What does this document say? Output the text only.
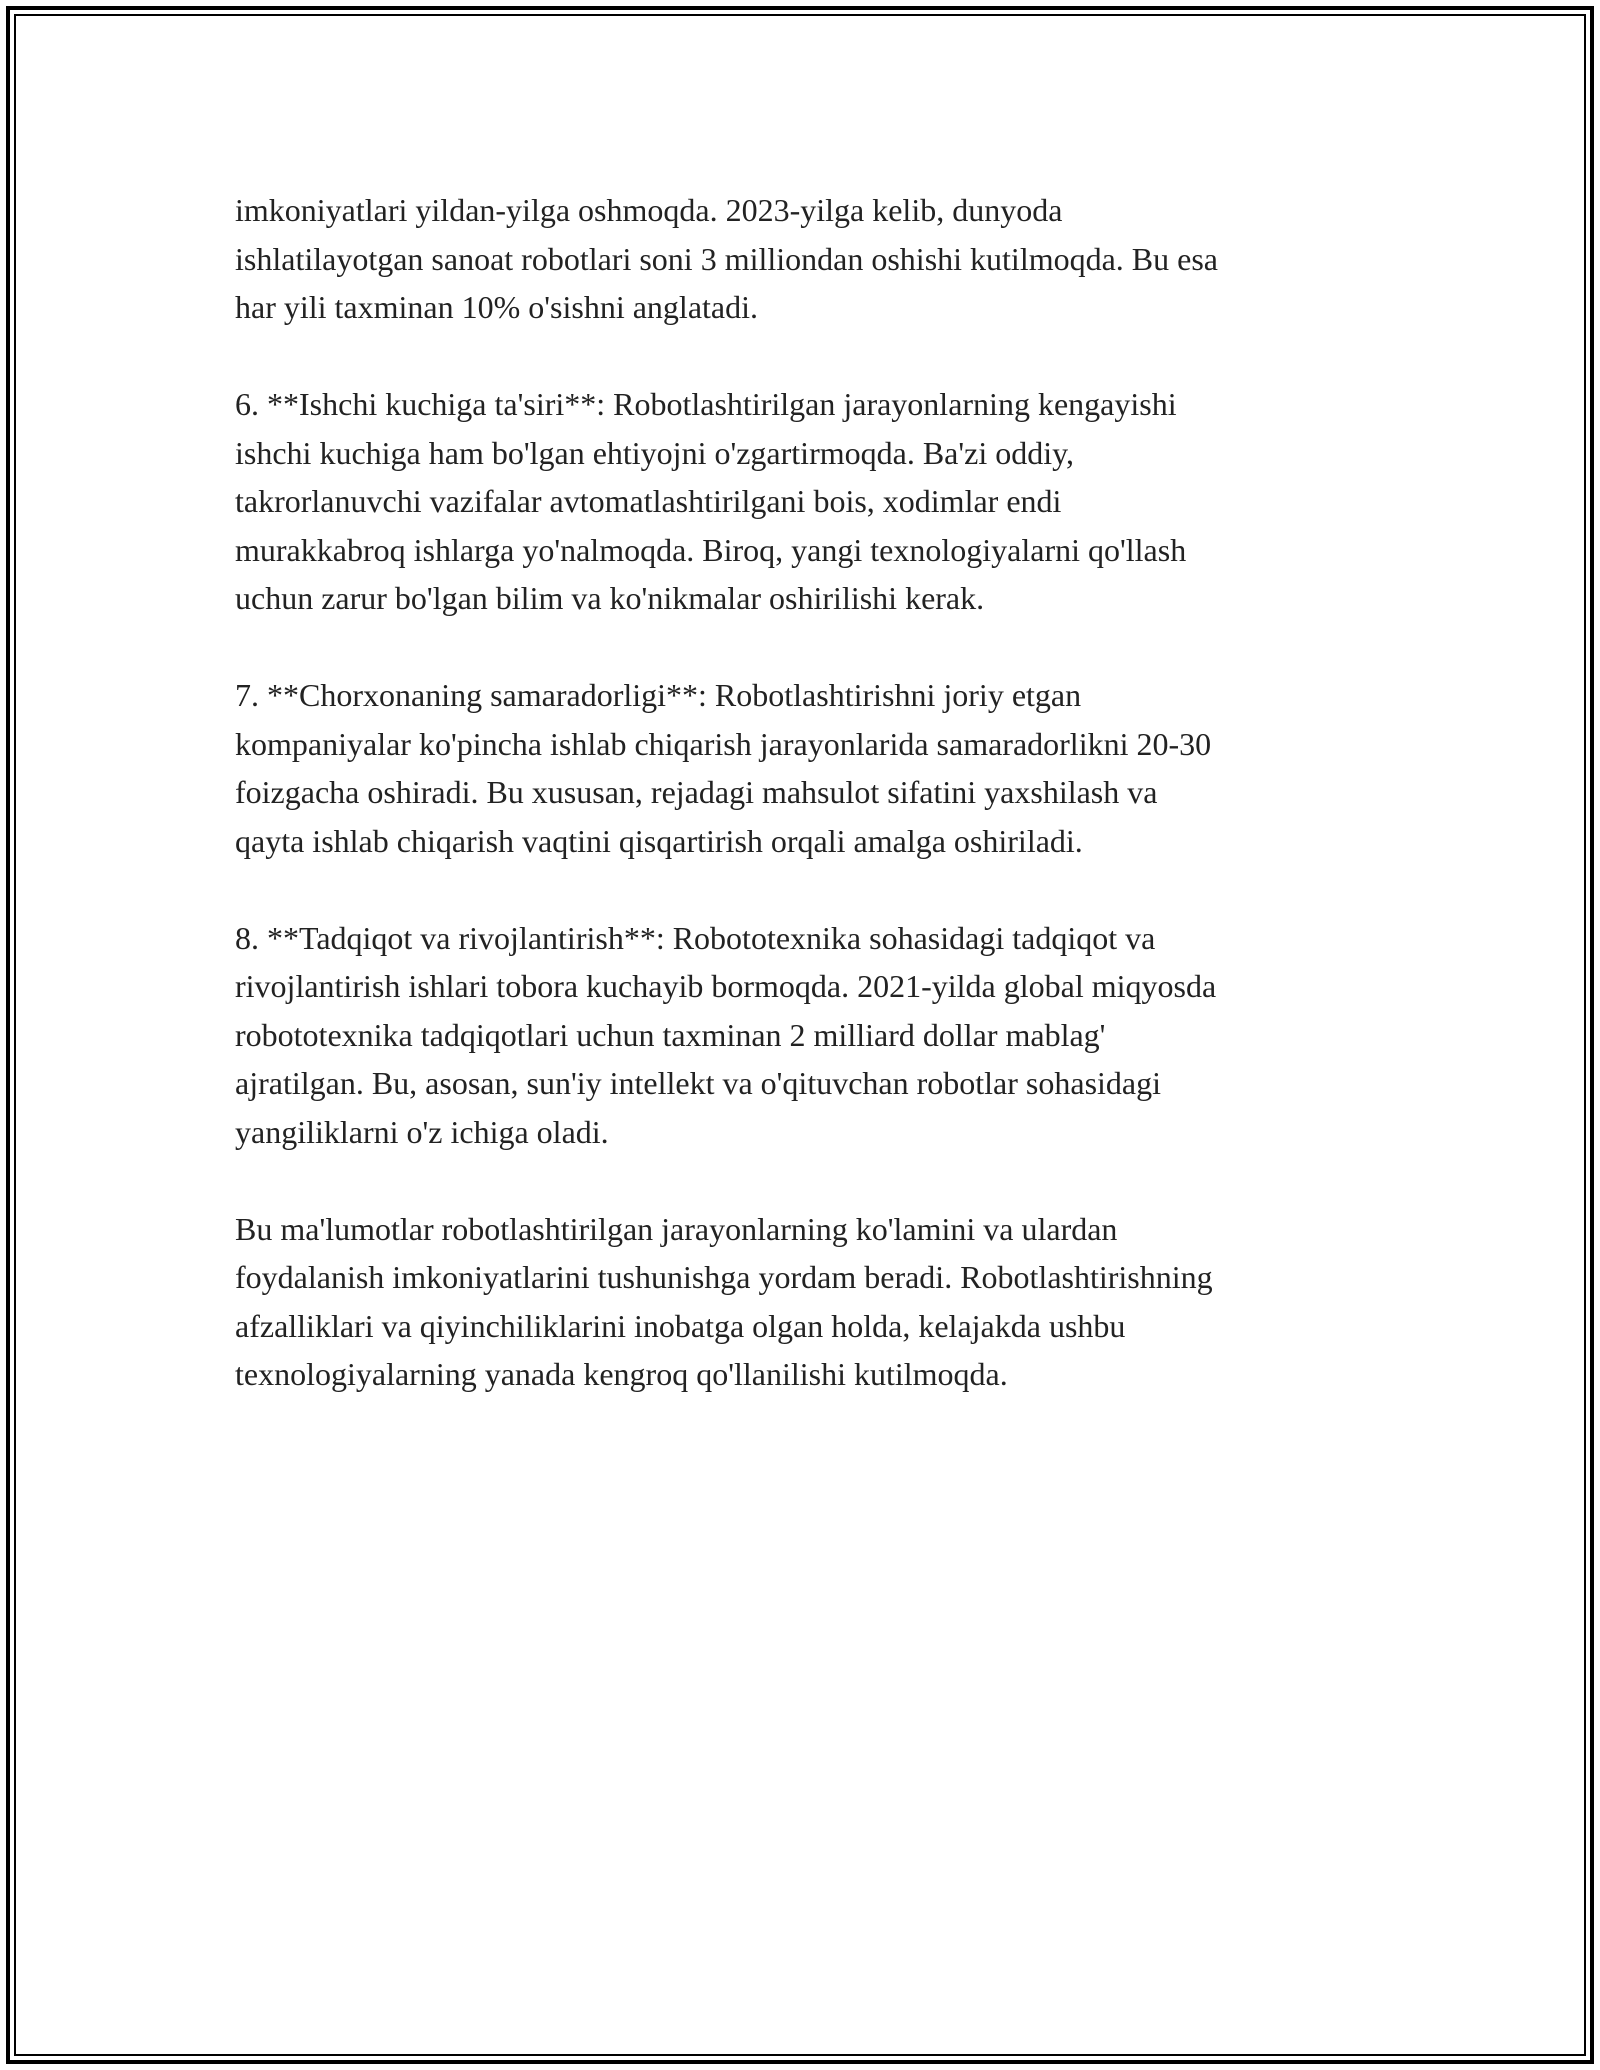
imkoniyatlari yildan-yilga oshmoqda. 2023-yilga kelib, dunyoda
ishlatilayotgan sanoat robotlari soni 3 milliondan oshishi kutilmoqda. Bu esa
har yili taxminan 10% o'sishni anglatadi.

6. **Ishchi kuchiga ta'siri**: Robotlashtirilgan jarayonlarning kengayishi
ishchi kuchiga ham bo'lgan ehtiyojni o'zgartirmoqda. Ba'zi oddiy,
takrorlanuvchi vazifalar avtomatlashtirilgani bois, xodimlar endi
murakkabroq ishlarga yo'nalmoqda. Biroq, yangi texnologiyalarni qo'llash
uchun zarur bo'lgan bilim va ko'nikmalar oshirilishi kerak.

7. **Chorxonaning samaradorligi**: Robotlashtirishni joriy etgan
kompaniyalar ko'pincha ishlab chiqarish jarayonlarida samaradorlikni 20-30
foizgacha oshiradi. Bu xususan, rejadagi mahsulot sifatini yaxshilash va
qayta ishlab chiqarish vaqtini qisqartirish orqali amalga oshiriladi.

8. **Tadqiqot va rivojlantirish**: Robototexnika sohasidagi tadqiqot va
rivojlantirish ishlari tobora kuchayib bormoqda. 2021-yilda global miqyosda
robototexnika tadqiqotlari uchun taxminan 2 milliard dollar mablag'
ajratilgan. Bu, asosan, sun'iy intellekt va o'qituvchan robotlar sohasidagi
yangiliklarni o'z ichiga oladi.

Bu ma'lumotlar robotlashtirilgan jarayonlarning ko'lamini va ulardan
foydalanish imkoniyatlarini tushunishga yordam beradi. Robotlashtirishning
afzalliklari va qiyinchiliklarini inobatga olgan holda, kelajakda ushbu
texnologiyalarning yanada kengroq qo'llanilishi kutilmoqda.
